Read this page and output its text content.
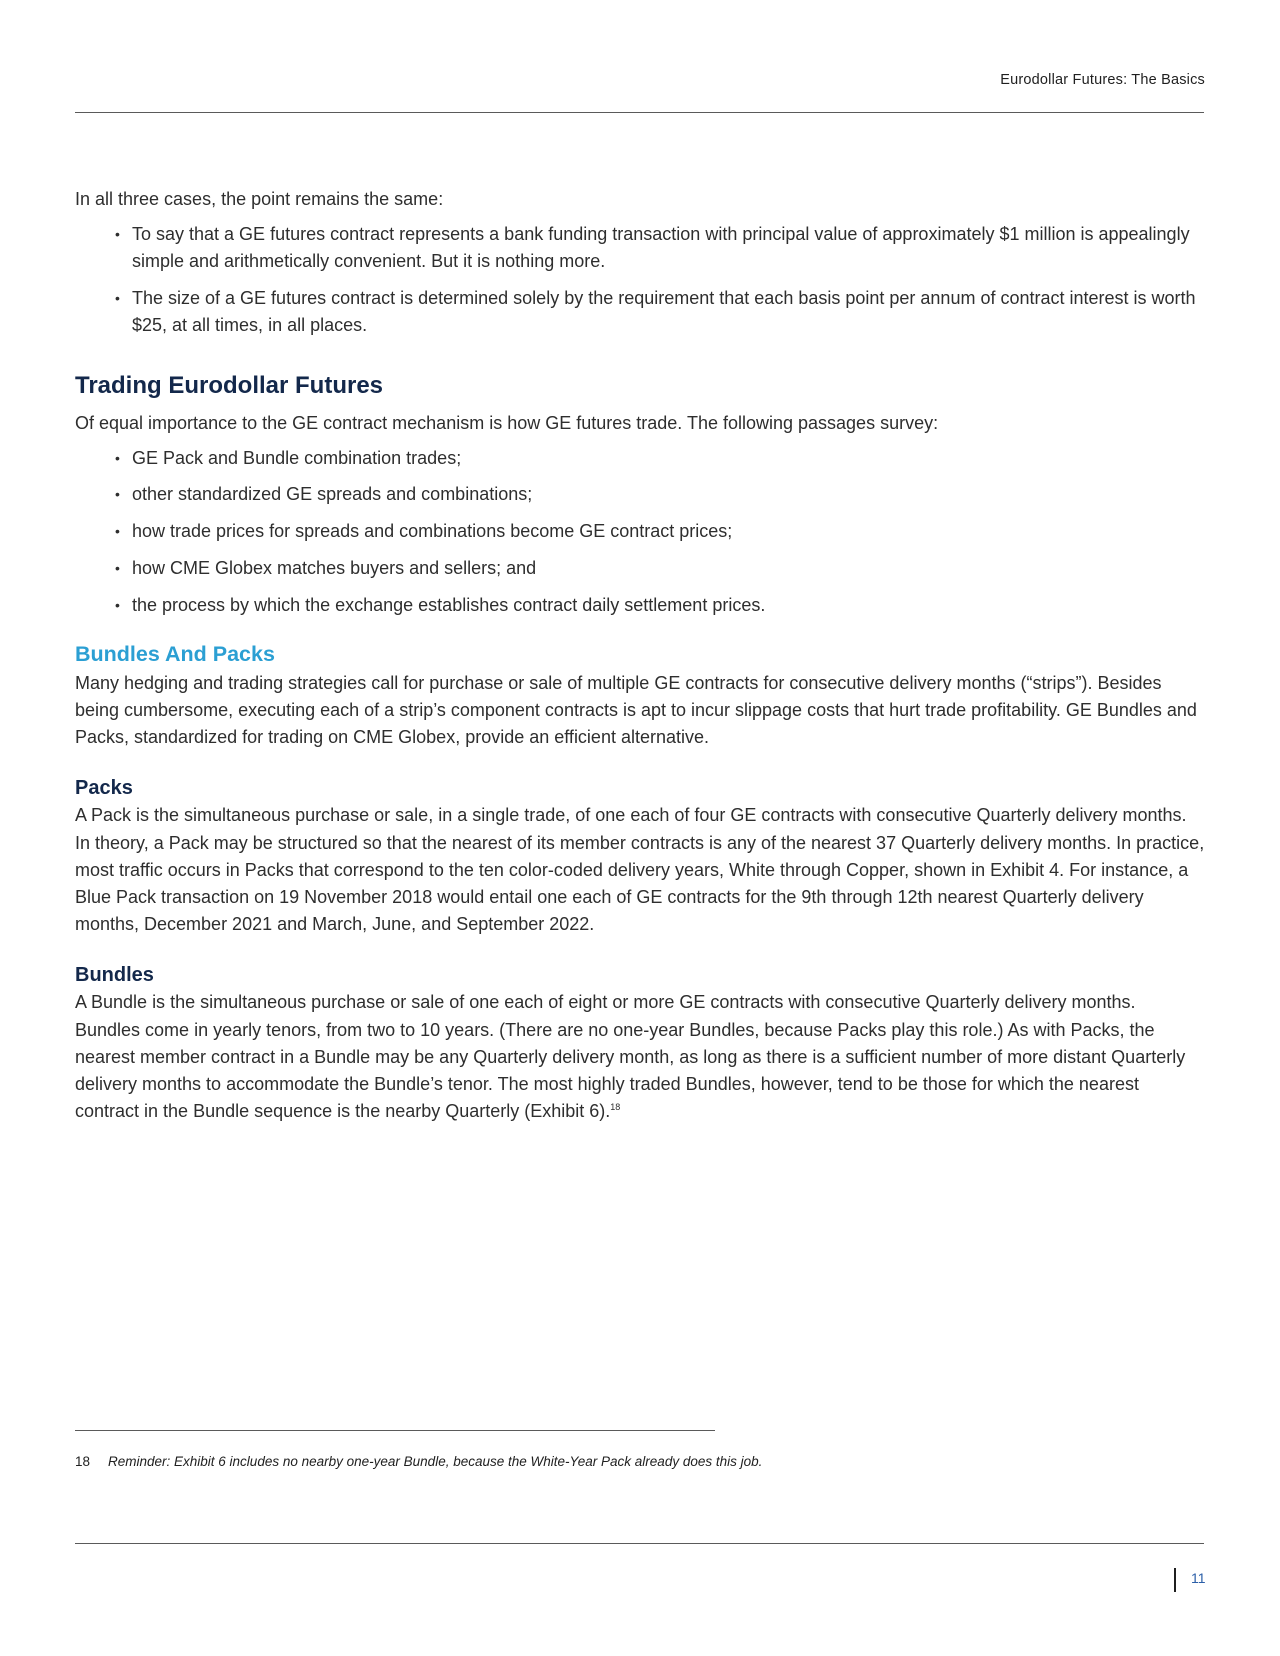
Eurodollar Futures: The Basics

In all three cases, the point remains the same:

• To say that a GE futures contract represents a bank funding transaction with principal value of approximately $1 million is appealingly simple and arithmetically convenient. But it is nothing more.
• The size of a GE futures contract is determined solely by the requirement that each basis point per annum of contract interest is worth $25, at all times, in all places.
Trading Eurodollar Futures

Of equal importance to the GE contract mechanism is how GE futures trade. The following passages survey:

• GE Pack and Bundle combination trades;
• other standardized GE spreads and combinations;
• how trade prices for spreads and combinations become GE contract prices;
• how CME Globex matches buyers and sellers; and
• the process by which the exchange establishes contract daily settlement prices.
Bundles And Packs

Many hedging and trading strategies call for purchase or sale of multiple GE contracts for consecutive delivery months (“strips”). Besides being cumbersome, executing each of a strip’s component contracts is apt to incur slippage costs that hurt trade profitability. GE Bundles and Packs, standardized for trading on CME Globex, provide an efficient alternative.

Packs

A Pack is the simultaneous purchase or sale, in a single trade, of one each of four GE contracts with consecutive Quarterly delivery months. In theory, a Pack may be structured so that the nearest of its member contracts is any of the nearest 37 Quarterly delivery months. In practice, most traffic occurs in Packs that correspond to the ten color-coded delivery years, White through Copper, shown in Exhibit 4. For instance, a Blue Pack transaction on 19 November 2018 would entail one each of GE contracts for the 9th through 12th nearest Quarterly delivery months, December 2021 and March, June, and September 2022.

Bundles

A Bundle is the simultaneous purchase or sale of one each of eight or more GE contracts with consecutive Quarterly delivery months. Bundles come in yearly tenors, from two to 10 years. (There are no one-year Bundles, because Packs play this role.) As with Packs, the nearest member contract in a Bundle may be any Quarterly delivery month, as long as there is a sufficient number of more distant Quarterly delivery months to accommodate the Bundle’s tenor. The most highly traded Bundles, however, tend to be those for which the nearest contract in the Bundle sequence is the nearby Quarterly (Exhibit 6).$^{18}$

18 Reminder: Exhibit 6 includes no nearby one-year Bundle, because the White-Year Pack already does this job.
11
